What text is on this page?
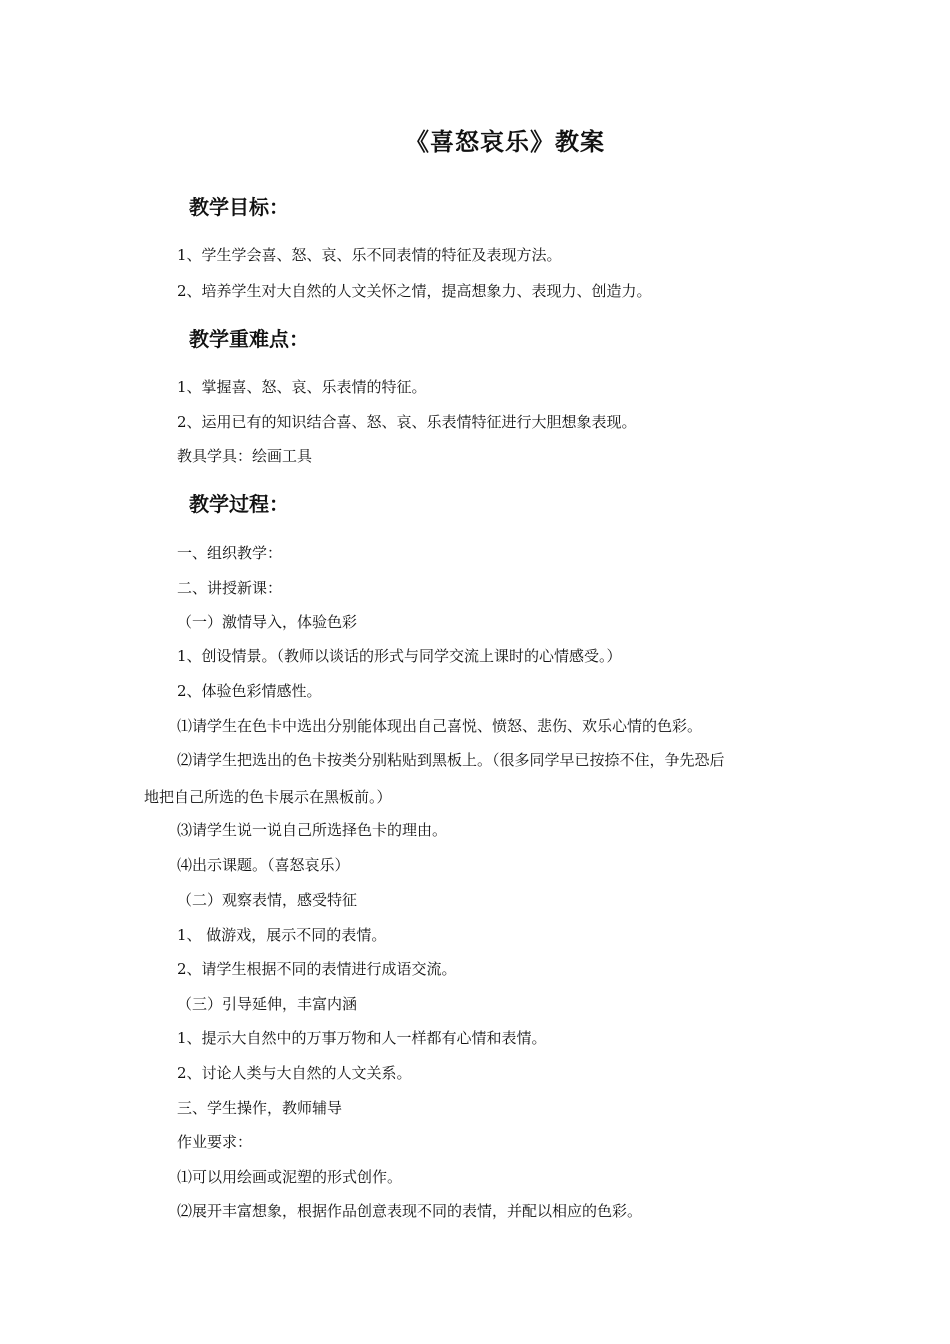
《喜怒哀乐》教案
教学目标：
1、学生学会喜、怒、哀、乐不同表情的特征及表现方法。
2、培养学生对大自然的人文关怀之情，提高想象力、表现力、创造力。
教学重难点：
1、掌握喜、怒、哀、乐表情的特征。
2、运用已有的知识结合喜、怒、哀、乐表情特征进行大胆想象表现。
教具学具：绘画工具
教学过程：
一、组织教学：
二、讲授新课：
（一）激情导入，体验色彩
1、创设情景。（教师以谈话的形式与同学交流上课时的心情感受。）
2、体验色彩情感性。
⑴请学生在色卡中选出分别能体现出自己喜悦、愤怒、悲伤、欢乐心情的色彩。
⑵请学生把选出的色卡按类分别粘贴到黑板上。（很多同学早已按捺不住，争先恐后
地把自己所选的色卡展示在黑板前。）
⑶请学生说一说自己所选择色卡的理由。
⑷出示课题。（喜怒哀乐）
（二）观察表情，感受特征
1、 做游戏，展示不同的表情。
2、请学生根据不同的表情进行成语交流。
（三）引导延伸，丰富内涵
1、提示大自然中的万事万物和人一样都有心情和表情。
2、讨论人类与大自然的人文关系。
三、学生操作，教师辅导
作业要求：
⑴可以用绘画或泥塑的形式创作。
⑵展开丰富想象，根据作品创意表现不同的表情，并配以相应的色彩。
